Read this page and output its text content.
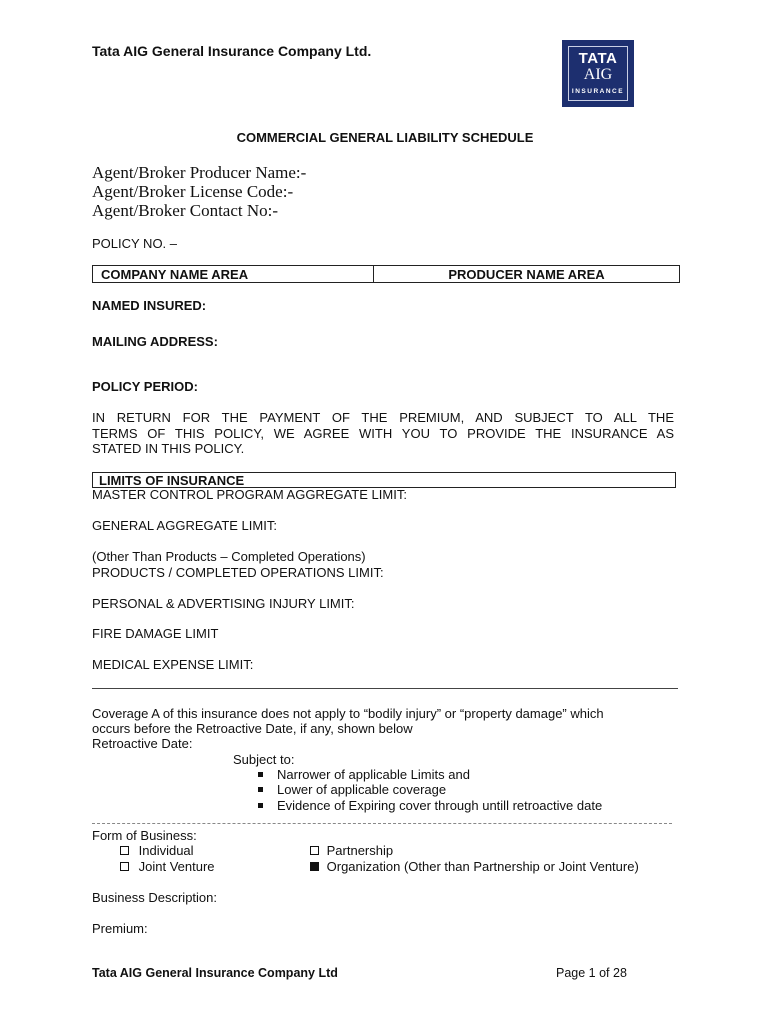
Tata AIG General Insurance Company Ltd.	TATA
AIG
INSURANCE
COMMERCIAL GENERAL LIABILITY SCHEDULE
Agent/Broker Producer Name:-
Agent/Broker License Code:-
Agent/Broker Contact No:-
POLICY NO. –
COMPANY NAME AREA	PRODUCER NAME AREA
NAMED INSURED:
MAILING ADDRESS:
POLICY PERIOD:
IN RETURN FOR THE PAYMENT OF THE PREMIUM, AND SUBJECT TO ALL THE
TERMS OF THIS POLICY, WE AGREE WITH YOU TO PROVIDE THE INSURANCE AS
STATED IN THIS POLICY.
LIMITS OF INSURANCE
MASTER CONTROL PROGRAM AGGREGATE LIMIT:
GENERAL AGGREGATE LIMIT:
(Other Than Products – Completed Operations)
PRODUCTS / COMPLETED OPERATIONS LIMIT:
PERSONAL & ADVERTISING INJURY LIMIT:
FIRE DAMAGE LIMIT
MEDICAL EXPENSE LIMIT:
Coverage A of this insurance does not apply to “bodily injury” or “property damage” which
occurs before the Retroactive Date, if any, shown below
Retroactive Date:
Subject to:
Narrower of applicable Limits and
Lower of applicable coverage
Evidence of Expiring cover through untill retroactive date
Form of Business:
Individual
Joint Venture
Partnership
Organization (Other than Partnership or Joint Venture)
Business Description:
Premium:
Tata AIG General Insurance Company Ltd	Page 1 of 28
